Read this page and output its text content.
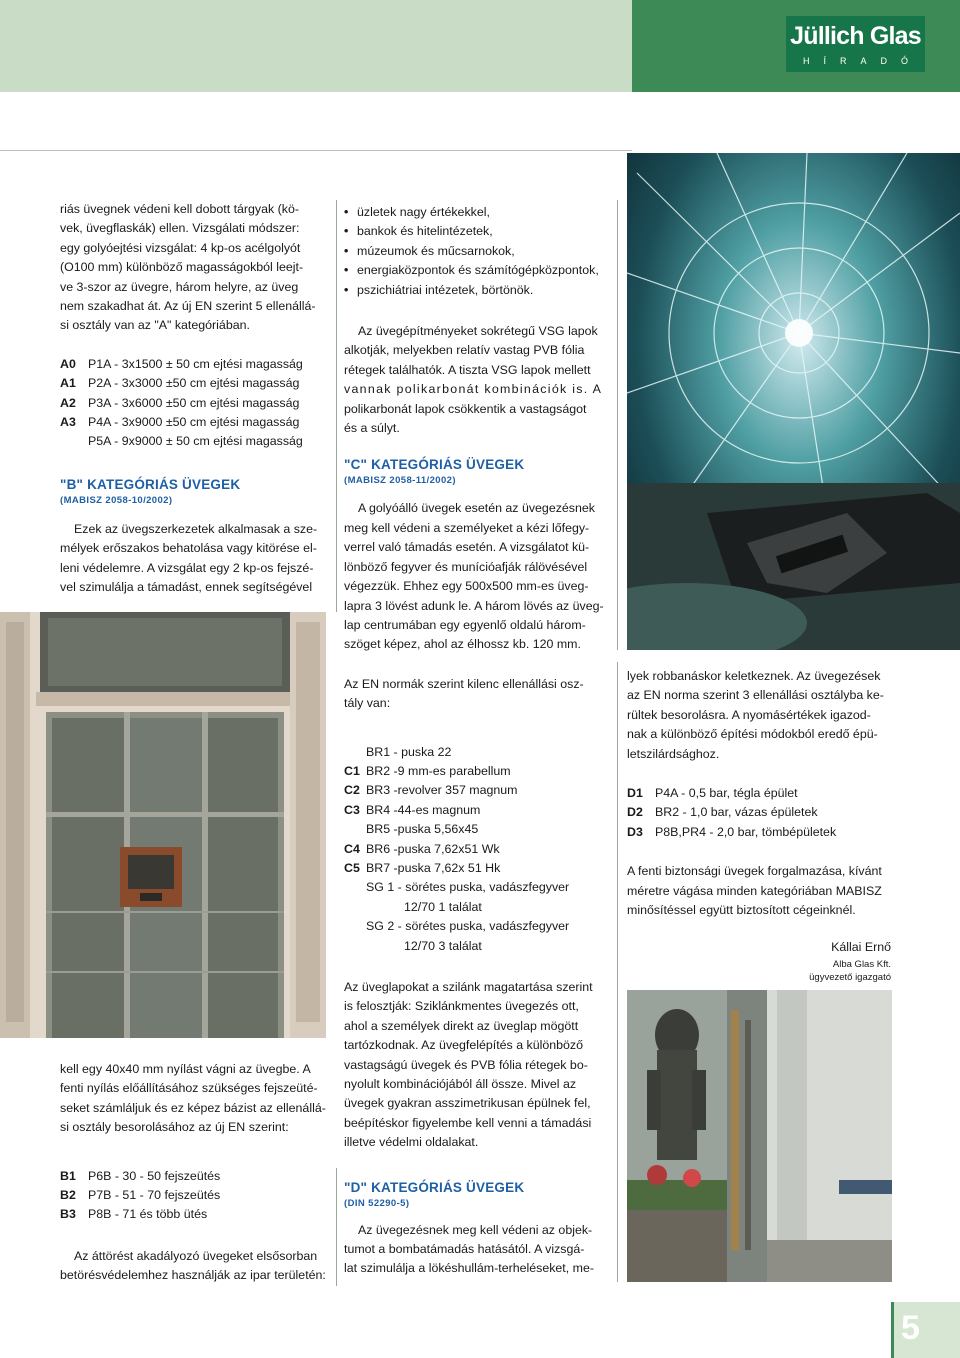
Jüllich Glas
HÍRADÓ
riás üvegnek védeni kell dobott tárgyak (kö-
vek, üvegflaskák) ellen. Vizsgálati módszer:
egy golyóejtési vizsgálat: 4 kp-os acélgolyót
(O100 mm) különböző magasságokból leejt-
ve 3-szor az üvegre, három helyre, az üveg
nem szakadhat át. Az új EN szerint 5 ellenállá-
si osztály van az "A" kategóriában.
A0 P1A - 3x1500 ± 50 cm ejtési magasság
A1 P2A - 3x3000 ±50 cm ejtési magasság
A2 P3A - 3x6000 ±50 cm ejtési magasság
A3 P4A - 3x9000 ±50 cm ejtési magasság
P5A - 9x9000 ± 50 cm ejtési magasság
"B" KATEGÓRIÁS ÜVEGEK
(MABISZ 2058-10/2002)
Ezek az üvegszerkezetek alkalmasak a sze-
mélyek erőszakos behatolása vagy kitörése el-
leni védelemre. A vizsgálat egy 2 kp-os fejszé-
vel szimulálja a támadást, ennek segítségével
kell egy 40x40 mm nyílást vágni az üvegbe. A
fenti nyílás előállításához szükséges fejszeüté-
seket számláljuk és ez képez bázist az ellenállá-
si osztály besorolásához az új EN szerint:
B1 P6B - 30 - 50 fejszeütés
B2 P7B - 51 - 70 fejszeütés
B3 P8B - 71 és több ütés
Az áttörést akadályozó üvegeket elsősorban
betörésvédelemhez használják az ipar területén:
• üzletek nagy értékekkel,
• bankok és hitelintézetek,
• múzeumok és műcsarnokok,
• energiaközpontok és számítógépközpontok,
• pszichiátriai intézetek, börtönök.
Az üvegépítményeket sokrétegű VSG lapok
alkotják, melyekben relatív vastag PVB fólia
rétegek találhatók. A tiszta VSG lapok mellett
vannak polikarbonát kombinációk is. A
polikarbonát lapok csökkentik a vastagságot
és a súlyt.
"C" KATEGÓRIÁS ÜVEGEK
(MABISZ 2058-11/2002)
A golyóálló üvegek esetén az üvegezésnek
meg kell védeni a személyeket a kézi lőfegy-
verrel való támadás esetén. A vizsgálatot kü-
lönböző fegyver és munícióafják rálövésével
végezzük. Ehhez egy 500x500 mm-es üveg-
lapra 3 lövést adunk le. A három lövés az üveg-
lap centrumában egy egyenlő oldalú három-
szöget képez, ahol az élhossz kb. 120 mm.
Az EN normák szerint kilenc ellenállási osz-
tály van:
BR1 - puska 22
C1 BR2 -9 mm-es parabellum
C2 BR3 -revolver 357 magnum
C3 BR4 -44-es magnum
BR5 -puska 5,56x45
C4 BR6 -puska 7,62x51 Wk
C5 BR7 -puska 7,62x 51 Hk
SG 1 - sörétes puska, vadászfegyver
12/70 1 találat
SG 2 - sörétes puska, vadászfegyver
12/70 3 találat
Az üveglapokat a szilánk magatartása szerint
is felosztják: Sziklánkmentes üvegezés ott,
ahol a személyek direkt az üveglap mögött
tartózkodnak. Az üvegfelépítés a különböző
vastagságú üvegek és PVB fólia rétegek bo-
nyolult kombinációjából áll össze. Mivel az
üvegek gyakran asszimetrikusan épülnek fel,
beépítéskor figyelembe kell venni a támadási
illetve védelmi oldalakat.
"D" KATEGÓRIÁS ÜVEGEK
(DIN 52290-5)
Az üvegezésnek meg kell védeni az objek-
tumot a bombatámadás hatásától. A vizsgá-
lat szimulálja a lökéshullám-terheléseket, me-
lyek robbanáskor keletkeznek. Az üvegezések
az EN norma szerint 3 ellenállási osztályba ke-
rültek besorolásra. A nyomásértékek igazod-
nak a különböző építési módokból eredő épü-
letszilárdsághoz.
D1 P4A - 0,5 bar, tégla épület
D2 BR2 - 1,0 bar, vázas épületek
D3 P8B,PR4 - 2,0 bar, tömbépületek
A fenti biztonsági üvegek forgalmazása, kívánt
méretre vágása minden kategóriában MABISZ
minősítéssel együtt biztosított cégeinknél.
Kállai Ernő
Alba Glas Kft.
ügyvezető igazgató
5
